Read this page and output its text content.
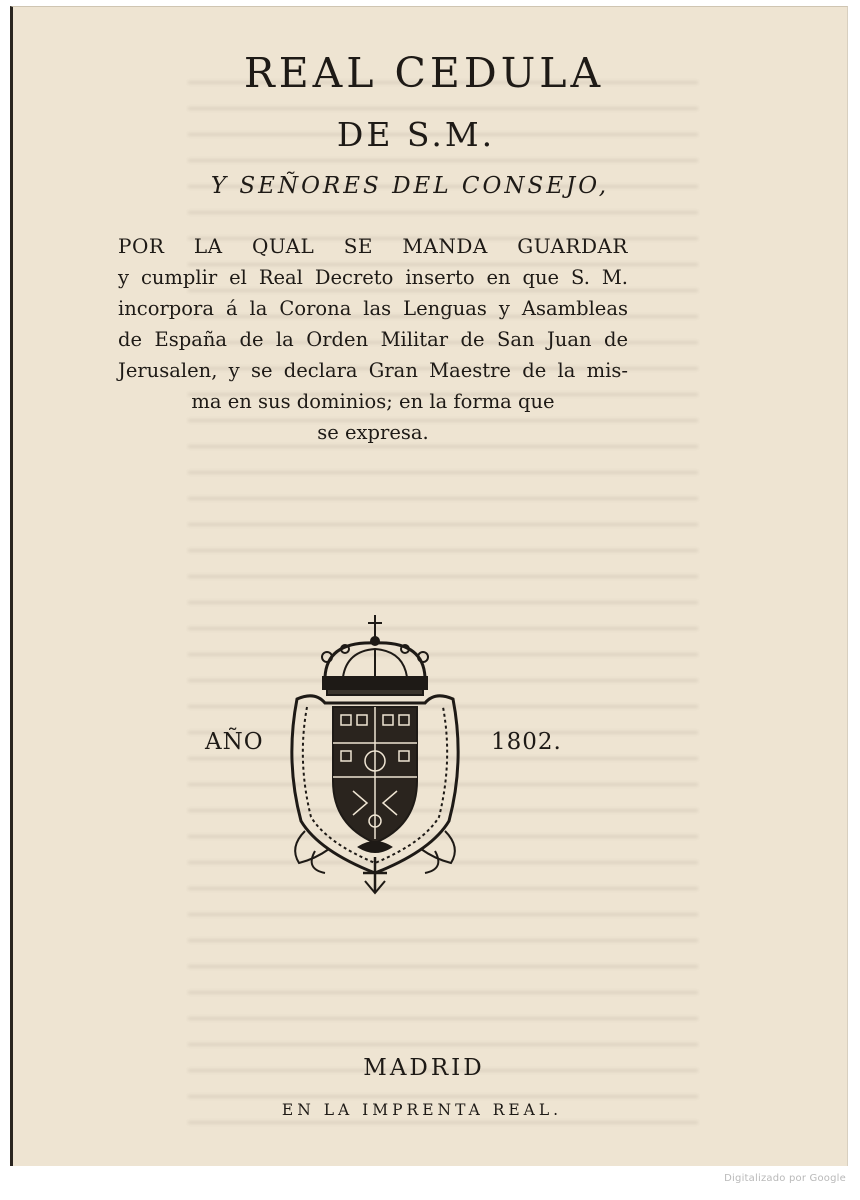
REAL CEDULA
DE S.M.
Y SEÑORES DEL CONSEJO,
POR LA QUAL SE MANDA GUARDAR
y cumplir el Real Decreto inserto en que S. M.
incorpora á la Corona las Lenguas y Asambleas
de España de la Orden Militar de San Juan de
Jerusalen, y se declara Gran Maestre de la mis-
ma en sus dominios; en la forma que
se expresa.
AÑO	1802.
MADRID
EN LA IMPRENTA REAL.
Digitalizado por Google
